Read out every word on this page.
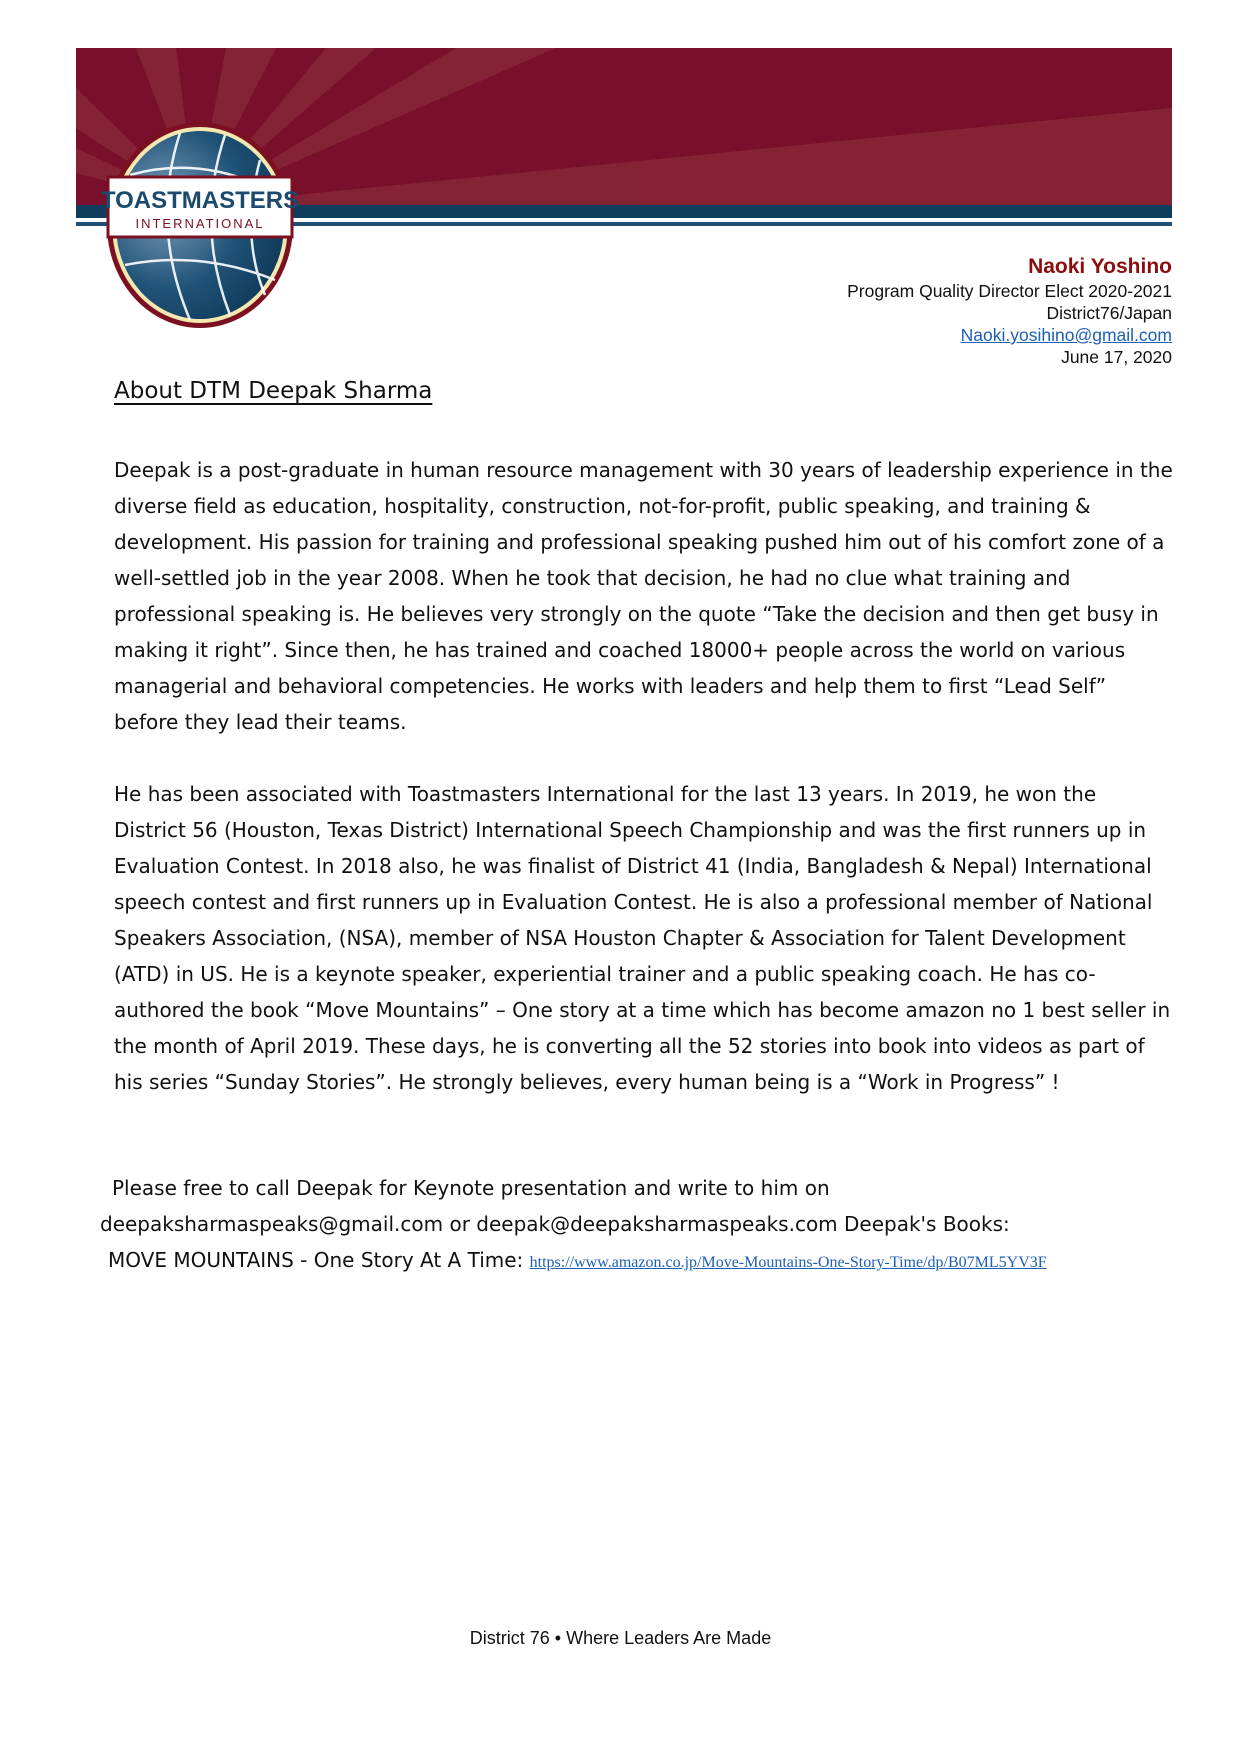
TOASTMASTERS
INTERNATIONAL
Naoki Yoshino
Program Quality Director Elect 2020-2021
District76/Japan
Naoki.yosihino@gmail.com
June 17, 2020
About DTM Deepak Sharma

Deepak is a post-graduate in human resource management with 30 years of leadership experience in the diverse field as education, hospitality, construction, not-for-profit, public speaking, and training & development. His passion for training and professional speaking pushed him out of his comfort zone of a well-settled job in the year 2008. When he took that decision, he had no clue what training and professional speaking is. He believes very strongly on the quote “Take the decision and then get busy in making it right”. Since then, he has trained and coached 18000+ people across the world on various managerial and behavioral competencies. He works with leaders and help them to first “Lead Self” before they lead their teams.

He has been associated with Toastmasters International for the last 13 years. In 2019, he won the District 56 (Houston, Texas District) International Speech Championship and was the first runners up in Evaluation Contest. In 2018 also, he was finalist of District 41 (India, Bangladesh & Nepal) International speech contest and first runners up in Evaluation Contest. He is also a professional member of National Speakers Association, (NSA), member of NSA Houston Chapter & Association for Talent Development (ATD) in US. He is a keynote speaker, experiential trainer and a public speaking coach. He has co-authored the book “Move Mountains” – One story at a time which has become amazon no 1 best seller in the month of April 2019. These days, he is converting all the 52 stories into book into videos as part of his series “Sunday Stories”. He strongly believes, every human being is a “Work in Progress” !

Please free to call Deepak for Keynote presentation and write to him on
deepaksharmaspeaks@gmail.com or deepak@deepaksharmaspeaks.com Deepak's Books:
MOVE MOUNTAINS - One Story At A Time: https://www.amazon.co.jp/Move-Mountains-One-Story-Time/dp/B07ML5YV3F
District 76 • Where Leaders Are Made
